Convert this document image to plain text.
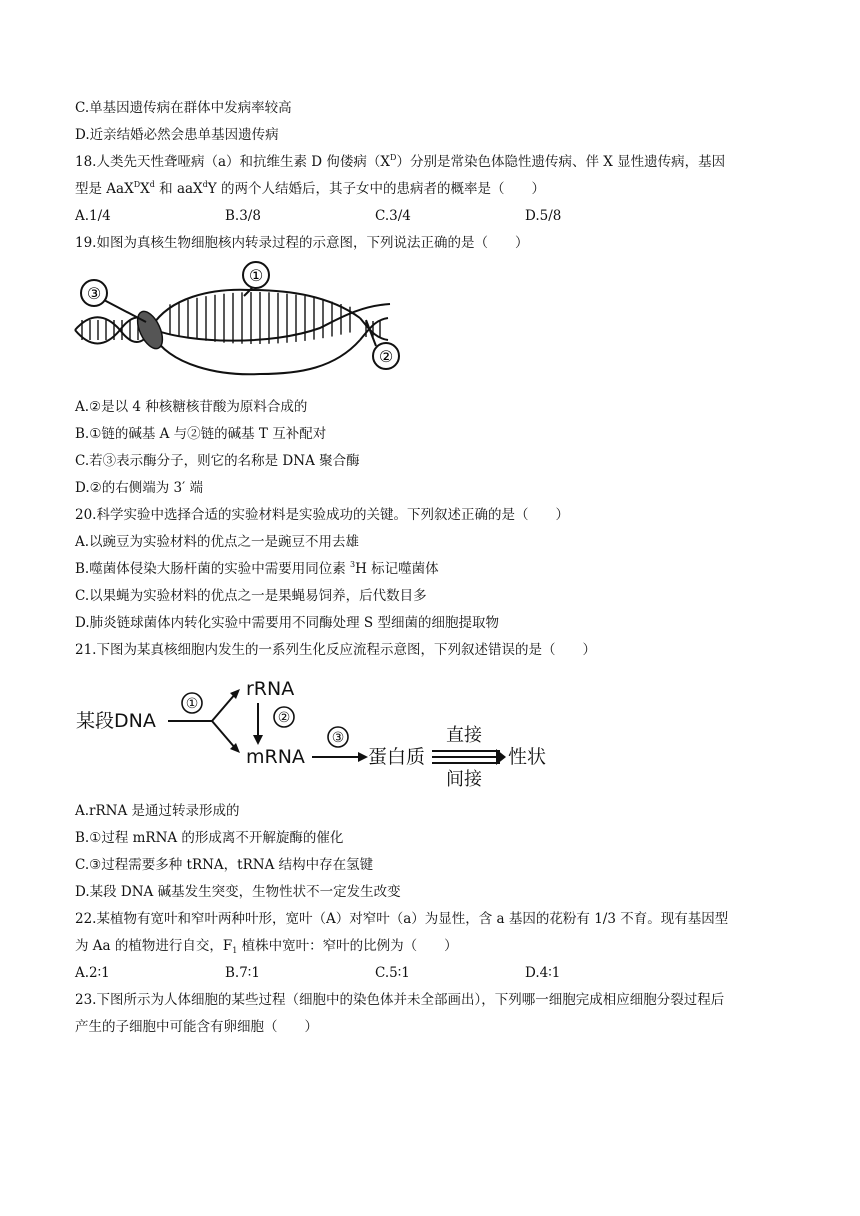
C.单基因遗传病在群体中发病率较高
D.近亲结婚必然会患单基因遗传病
18.人类先天性聋哑病（a）和抗维生素 D 佝偻病$(X^D)$分别是常染色体隐性遗传病、伴 X 显性遗传病，基因
型是 $AaX^DX^d$ 和 aaX$^d$Y 的两个人结婚后，其子女中的患病者的概率是（　　）
A.1/4	B.3/8	C.3/4	D.5/8
19.如图为真核生物细胞核内转录过程的示意图，下列说法正确的是（　　）
③
①
②
A.②是以 4 种核糖核苷酸为原料合成的
B.①链的碱基 A 与②链的碱基 T 互补配对
C.若③表示酶分子，则它的名称是 DNA 聚合酶
D.②的右侧端为 3′ 端
20.科学实验中选择合适的实验材料是实验成功的关键。下列叙述正确的是（　　）
A.以豌豆为实验材料的优点之一是豌豆不用去雄
B.噬菌体侵染大肠杆菌的实验中需要用同位素 $^3$H 标记噬菌体
C.以果蝇为实验材料的优点之一是果蝇易饲养，后代数目多
D.肺炎链球菌体内转化实验中需要用不同酶处理 S 型细菌的细胞提取物
21.下图为某真核细胞内发生的一系列生化反应流程示意图，下列叙述错误的是（　　）
某段DNA
rRNA
mRNA	蛋白质	性状
直接
间接
①
②
③
A.rRNA 是通过转录形成的
B.①过程 mRNA 的形成离不开解旋酶的催化
C.③过程需要多种 tRNA，tRNA 结构中存在氢键
D.某段 DNA 碱基发生突变，生物性状不一定发生改变
22.某植物有宽叶和窄叶两种叶形，宽叶（A）对窄叶（a）为显性，含 a 基因的花粉有 1/3 不育。现有基因型
为 Aa 的植物进行自交，$F_1$ 植株中宽叶：窄叶的比例为（　　）
A.2∶1	B.7∶1	C.5∶1	D.4∶1
23.下图所示为人体细胞的某些过程（细胞中的染色体并未全部画出），下列哪一细胞完成相应细胞分裂过程后
产生的子细胞中可能含有卵细胞（　　）
